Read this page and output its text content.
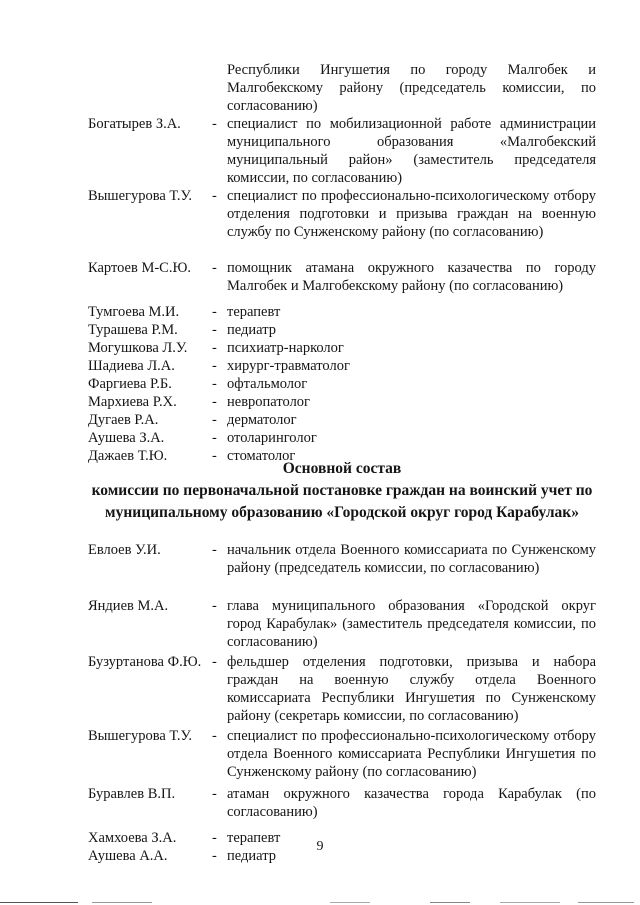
Республики Ингушетия по городу Малгобек и Малгобекскому району (председатель комиссии, по согласованию)
Богатырев З.А. - специалист по мобилизационной работе администрации муниципального образования «Малгобекский муниципальный район» (заместитель председателя комиссии, по согласованию)
Вышегурова Т.У. - специалист по профессионально-психологическому отбору отделения подготовки и призыва граждан на военную службу по Сунженскому району (по согласованию)
Картоев М-С.Ю. - помощник атамана окружного казачества по городу Малгобек и Малгобекскому району (по согласованию)
Тумгоева М.И. - терапевт
Турашева Р.М. - педиатр
Могушкова Л.У. - психиатр-нарколог
Шадиева Л.А.	- хирург-травматолог
Фаргиева Р.Б.	- офтальмолог
Мархиева Р.Х. - невропатолог
Дугаев Р.А.	- дерматолог
Аушева З.А.	- отоларинголог
Дажаев Т.Ю.	- стоматолог
Основной состав
комиссии по первоначальной постановке граждан на воинский учет по
муниципальному образованию «Городской округ город Карабулак»
Евлоев У.И.	- начальник отдела Военного комиссариата по Сунженскому району (председатель комиссии, по согласованию)
Яндиев М.А.	- глава муниципального образования «Городской округ город Карабулак» (заместитель председателя комиссии, по согласованию)
Бузуртанова Ф.Ю. - фельдшер отделения подготовки, призыва и набора граждан на военную службу отдела Военного комиссариата Республики Ингушетия по Сунженскому району (секретарь комиссии, по согласованию)
Вышегурова Т.У. - специалист по профессионально-психологическому отбору отдела Военного комиссариата Республики Ингушетия по Сунженскому району (по согласованию)
Буравлев В.П.	- атаман окружного казачества города Карабулак (по согласованию)
Хамхоева З.А. - терапевт
Аушева А.А.	- педиатр
9
